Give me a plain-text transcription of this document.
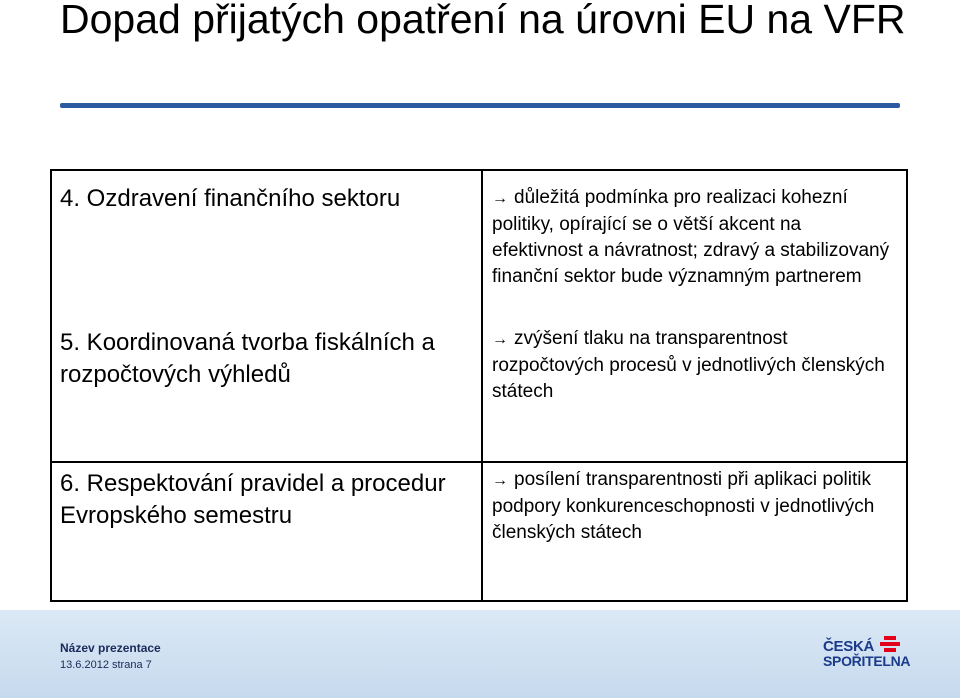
Dopad přijatých opatření na úrovni EU na VFR
4. Ozdravení finančního sektoru	→ důležitá podmínka pro realizaci kohezní politiky, opírající se o větší akcent na efektivnost a návratnost; zdravý a stabilizovaný finanční sektor bude významným partnerem
5. Koordinovaná tvorba fiskálních a rozpočtových výhledů
→ zvýšení tlaku na transparentnost rozpočtových procesů v jednotlivých členských státech
6. Respektování pravidel a procedur Evropského semestru
→ posílení transparentnosti při aplikaci politik podpory konkurenceschopnosti v jednotlivých členských státech
Název prezentace
13.6.2012 strana 7
ČESKÁ
SPOŘITELNA
